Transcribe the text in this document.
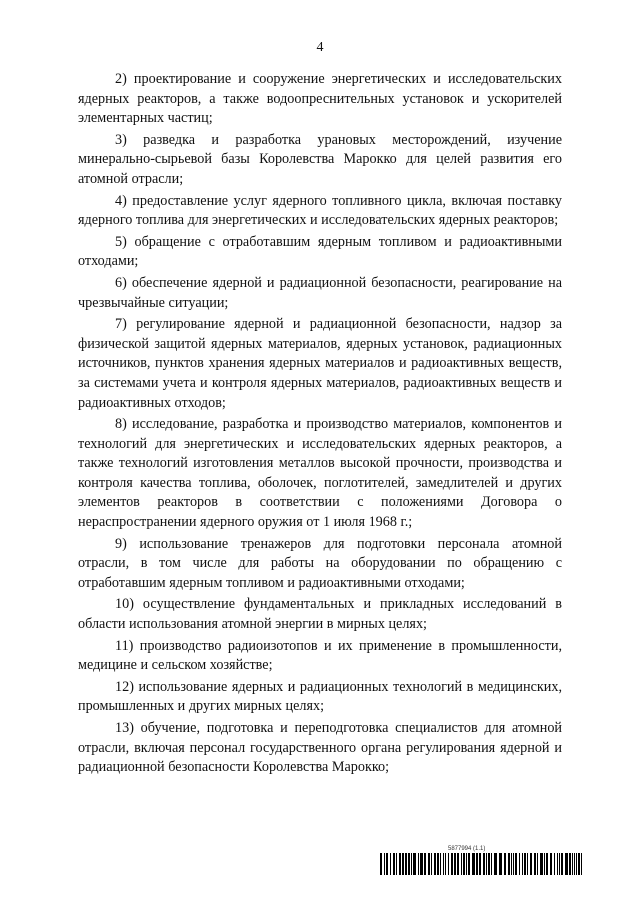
4

2) проектирование и сооружение энергетических и исследовательских ядерных реакторов, а также водоопреснительных установок и ускорителей элементарных частиц;

3) разведка и разработка урановых месторождений, изучение минерально-сырьевой базы Королевства Марокко для целей развития его атомной отрасли;

4) предоставление услуг ядерного топливного цикла, включая поставку ядерного топлива для энергетических и исследовательских ядерных реакторов;

5) обращение с отработавшим ядерным топливом и радиоактивными отходами;

6) обеспечение ядерной и радиационной безопасности, реагирование на чрезвычайные ситуации;

7) регулирование ядерной и радиационной безопасности, надзор за физической защитой ядерных материалов, ядерных установок, радиационных источников, пунктов хранения ядерных материалов и радиоактивных веществ, за системами учета и контроля ядерных материалов, радиоактивных веществ и радиоактивных отходов;

8) исследование, разработка и производство материалов, компонентов и технологий для энергетических и исследовательских ядерных реакторов, а также технологий изготовления металлов высокой прочности, производства и контроля качества топлива, оболочек, поглотителей, замедлителей и других элементов реакторов в соответствии с положениями Договора о нераспространении ядерного оружия от 1 июля 1968 г.;

9) использование тренажеров для подготовки персонала атомной отрасли, в том числе для работы на оборудовании по обращению с отработавшим ядерным топливом и радиоактивными отходами;

10) осуществление фундаментальных и прикладных исследований в области использования атомной энергии в мирных целях;

11) производство радиоизотопов и их применение в промышленности, медицине и сельском хозяйстве;

12) использование ядерных и радиационных технологий в медицинских, промышленных и других мирных целях;

13) обучение, подготовка и переподготовка специалистов для атомной отрасли, включая персонал государственного органа регулирования ядерной и радиационной безопасности Королевства Марокко;

5877994 (1.1)
